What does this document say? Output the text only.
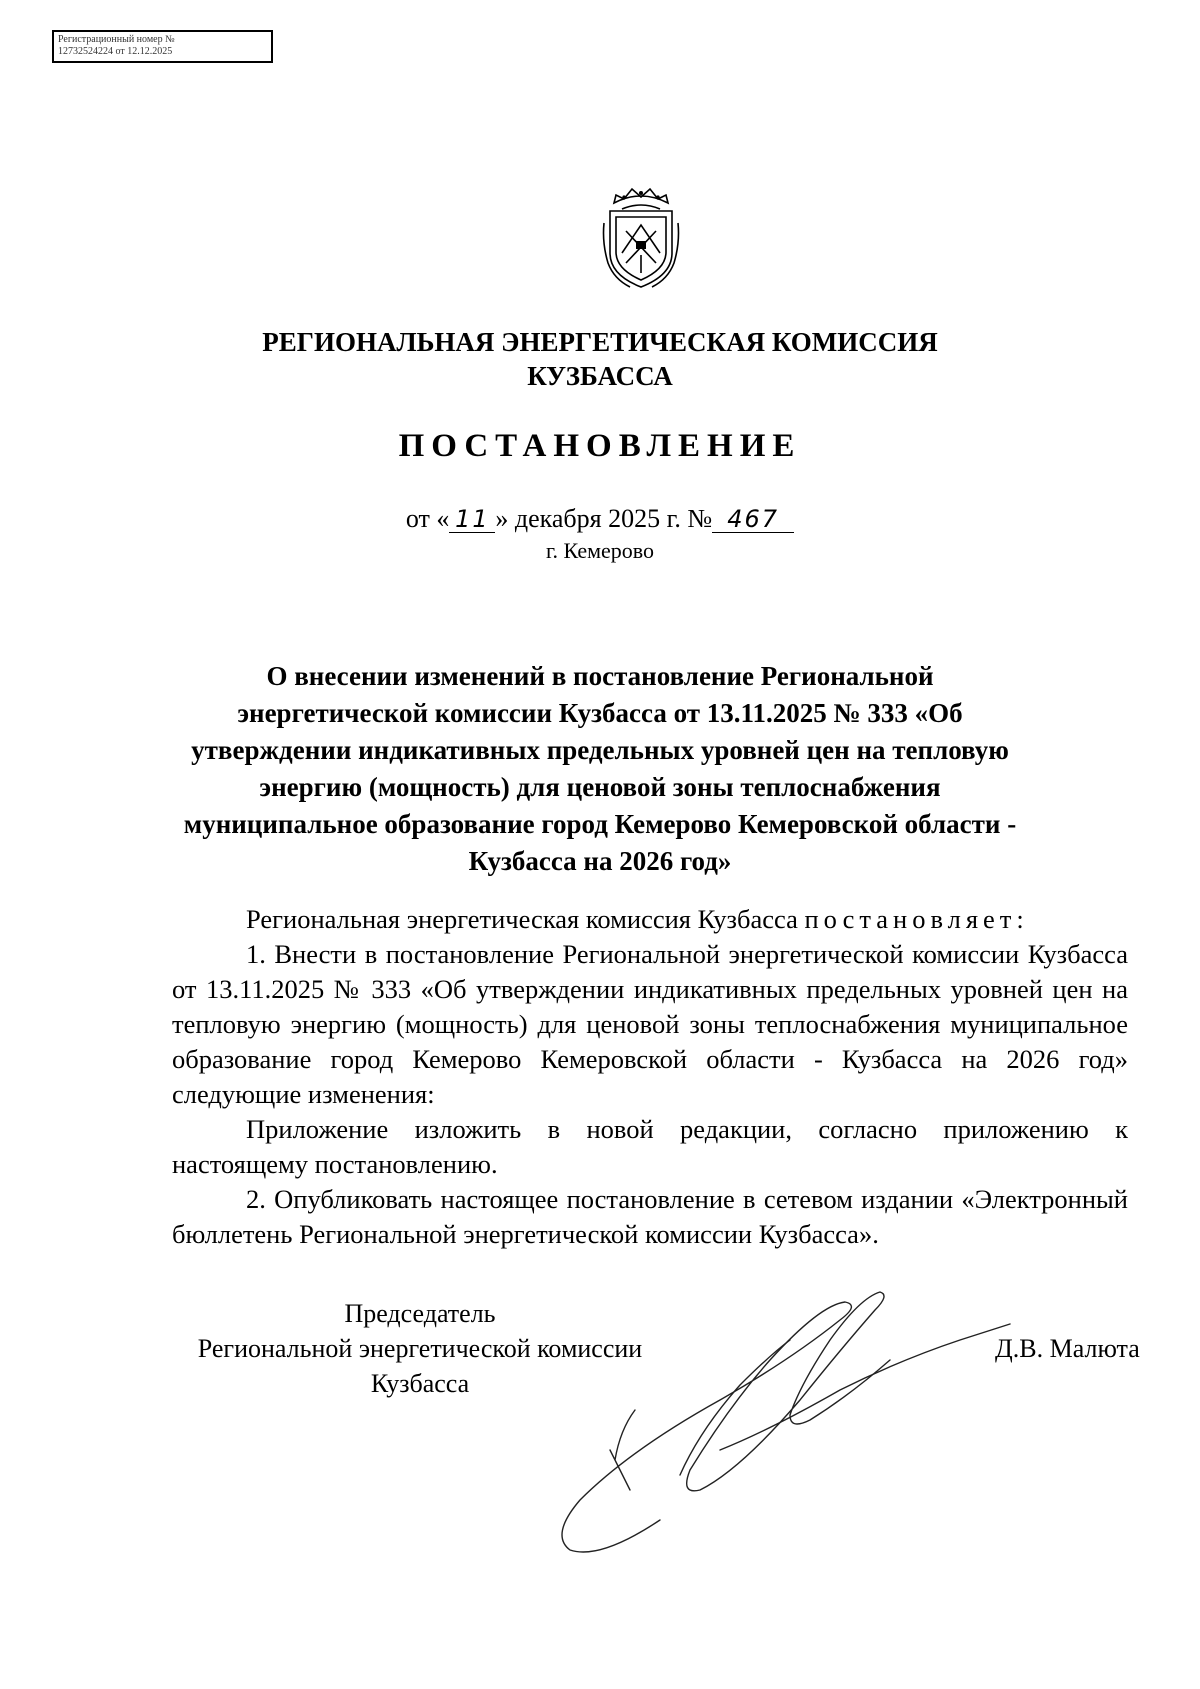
Регистрационный номер №
12732524224 от 12.12.2025
РЕГИОНАЛЬНАЯ ЭНЕРГЕТИЧЕСКАЯ КОМИССИЯ
КУЗБАССА
ПОСТАНОВЛЕНИЕ
от « 11 » декабря 2025 г. № 467
г. Кемерово
О внесении изменений в постановление Региональной энергетической комиссии Кузбасса от 13.11.2025 № 333 «Об утверждении индикативных предельных уровней цен на тепловую энергию (мощность) для ценовой зоны теплоснабжения муниципальное образование город Кемерово Кемеровской области - Кузбасса на 2026 год»

Региональная энергетическая комиссия Кузбасса постановляет:

1. Внести в постановление Региональной энергетической комиссии Кузбасса от 13.11.2025 № 333 «Об утверждении индикативных предельных уровней цен на тепловую энергию (мощность) для ценовой зоны теплоснабжения муниципальное образование город Кемерово Кемеровской области - Кузбасса на 2026 год» следующие изменения:

Приложение изложить в новой редакции, согласно приложению к настоящему постановлению.

2. Опубликовать настоящее постановление в сетевом издании «Электронный бюллетень Региональной энергетической комиссии Кузбасса».

Председатель
Региональной энергетической комиссии
Кузбасса
Д.В. Малюта
